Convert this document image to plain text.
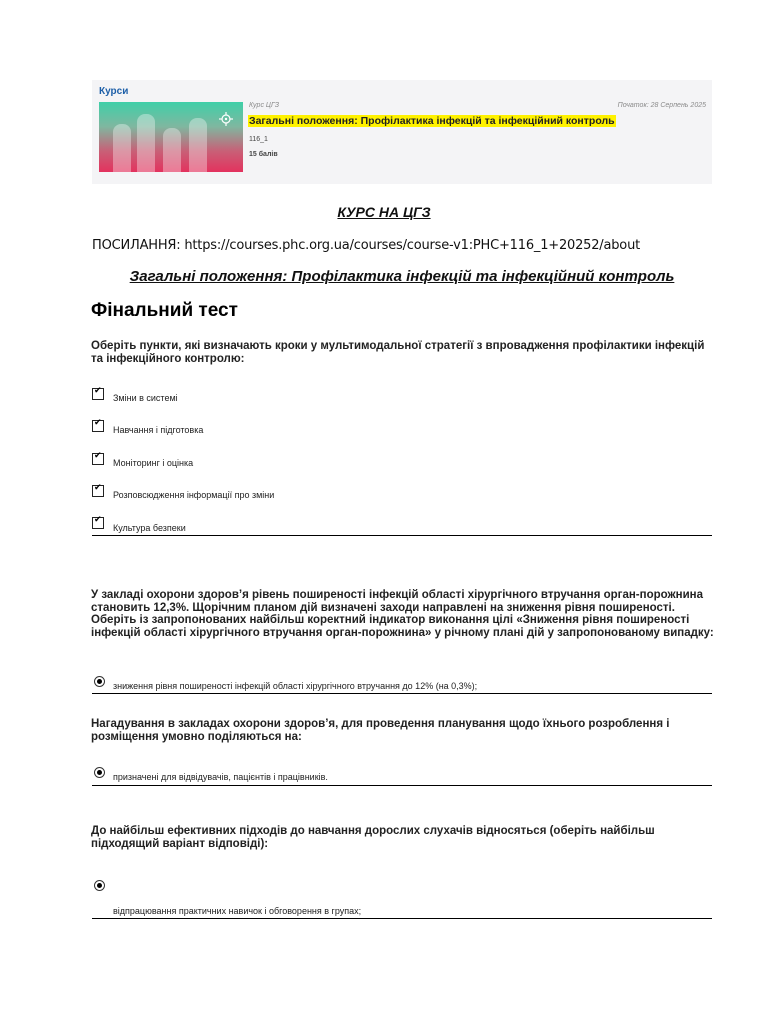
Курси
Курс ЦГЗ	Початок: 28 Серпень 2025
Загальні положення: Профілактика інфекцій та інфекційний контроль
116_1
15 балів
КУРС НА ЦГЗ
ПОСИЛАННЯ: https://courses.phc.org.ua/courses/course-v1:PHC+116_1+20252/about
Загальні положення: Профілактика інфекцій та інфекційний контроль
Фінальний тест
Оберіть пункти, які визначають кроки у мультимодальної стратегії з впровадження профілактики інфекцій та інфекційного контролю:
✔
Зміни в системі
✔
Навчання і підготовка
✔
Моніторинг і оцінка
✔
Розповсюдження інформації про зміни
✔
Культура безпеки
У закладі охорони здоров’я рівень поширеності інфекцій області хірургічного втручання орган-порожнина становить 12,3%. Щорічним планом дій визначені заходи направлені на зниження рівня поширеності. Оберіть із запропонованих найбільш коректний індикатор виконання цілі «Зниження рівня поширеності інфекцій області хірургічного втручання орган-порожнина» у річному плані дій у запропонованому випадку:
зниження рівня поширеності інфекцій області хірургічного втручання до 12% (на 0,3%);
Нагадування в закладах охорони здоров’я, для проведення планування щодо їхнього розроблення і розміщення умовно поділяються на:
призначені для відвідувачів, пацієнтів і працівників.
До найбільш ефективних підходів до навчання дорослих слухачів відносяться (оберіть найбільш підходящий варіант відповіді):
відпрацювання практичних навичок і обговорення в групах;
